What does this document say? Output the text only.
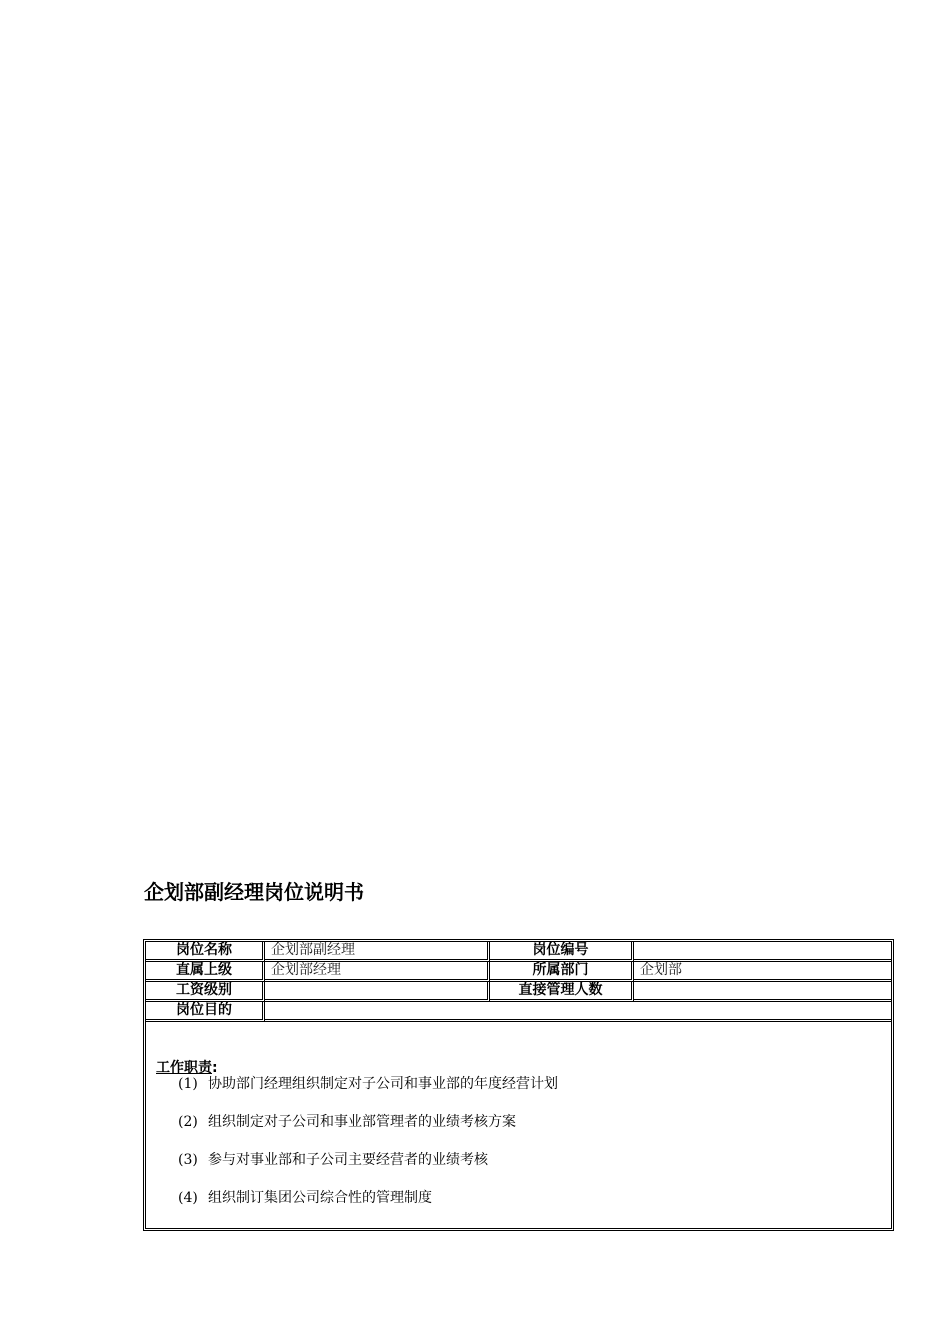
企划部副经理岗位说明书
岗位名称	企划部副经理	岗位编号	
直属上级	企划部经理	所属部门	企划部
工资级别		直接管理人数	
岗位目的			

工作职责:

(1) 协助部门经理组织制定对子公司和事业部的年度经营计划
(2) 组织制定对子公司和事业部管理者的业绩考核方案
(3) 参与对事业部和子公司主要经营者的业绩考核
(4) 组织制订集团公司综合性的管理制度
